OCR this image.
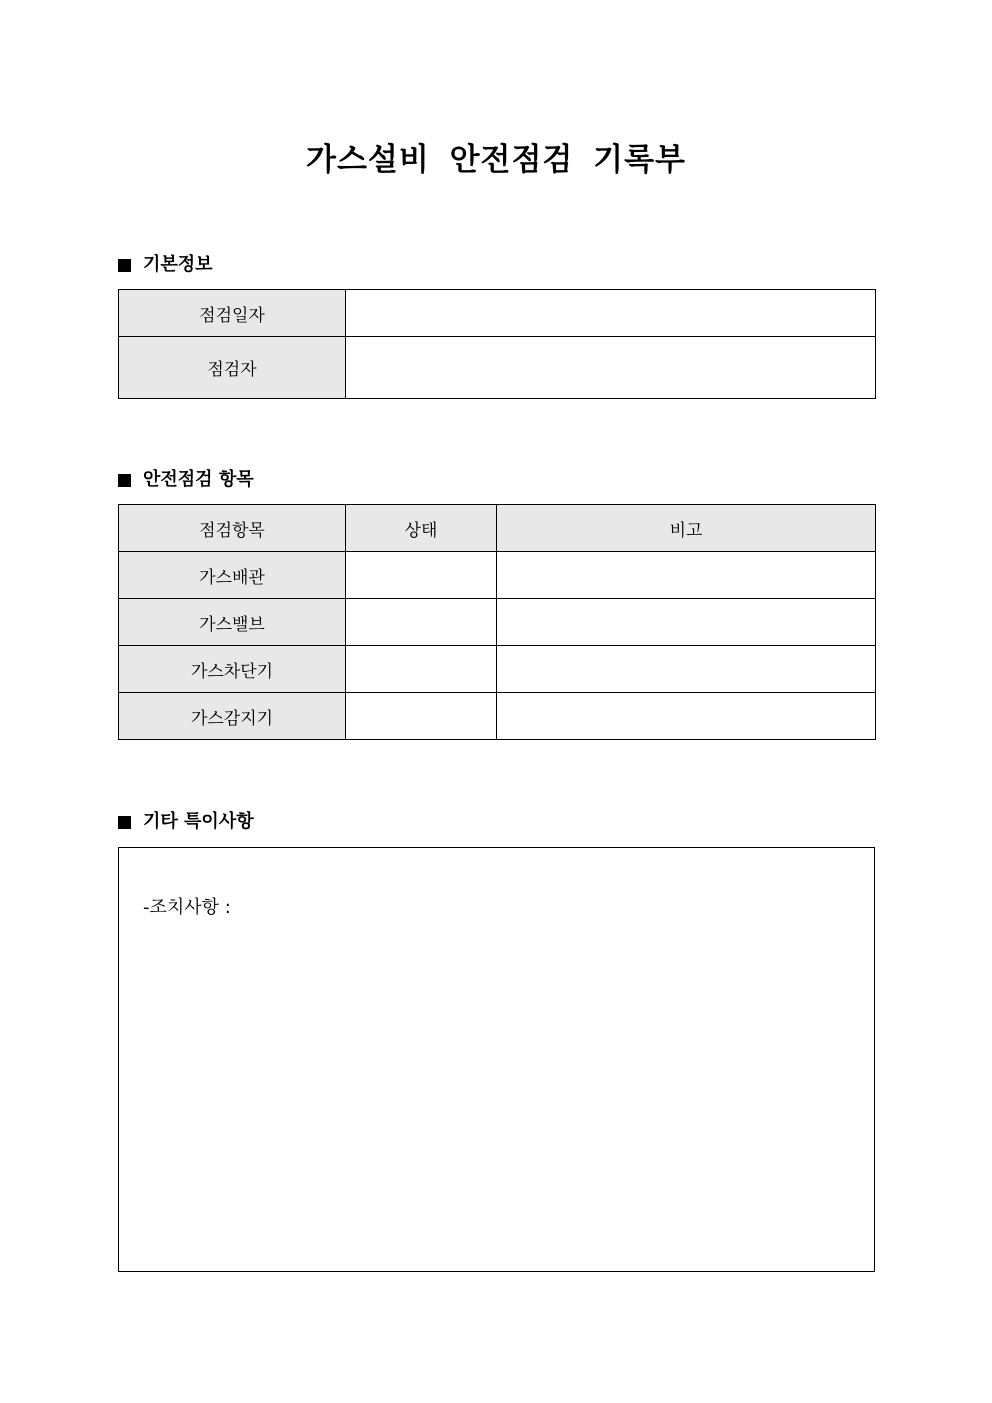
가스설비 안전점검 기록부
기본정보
점검일자	
점검자	
안전점검 항목
점검항목	상태	비고
가스배관		
가스밸브		
가스차단기		
가스감지기		
기타 특이사항
-조치사항 :
